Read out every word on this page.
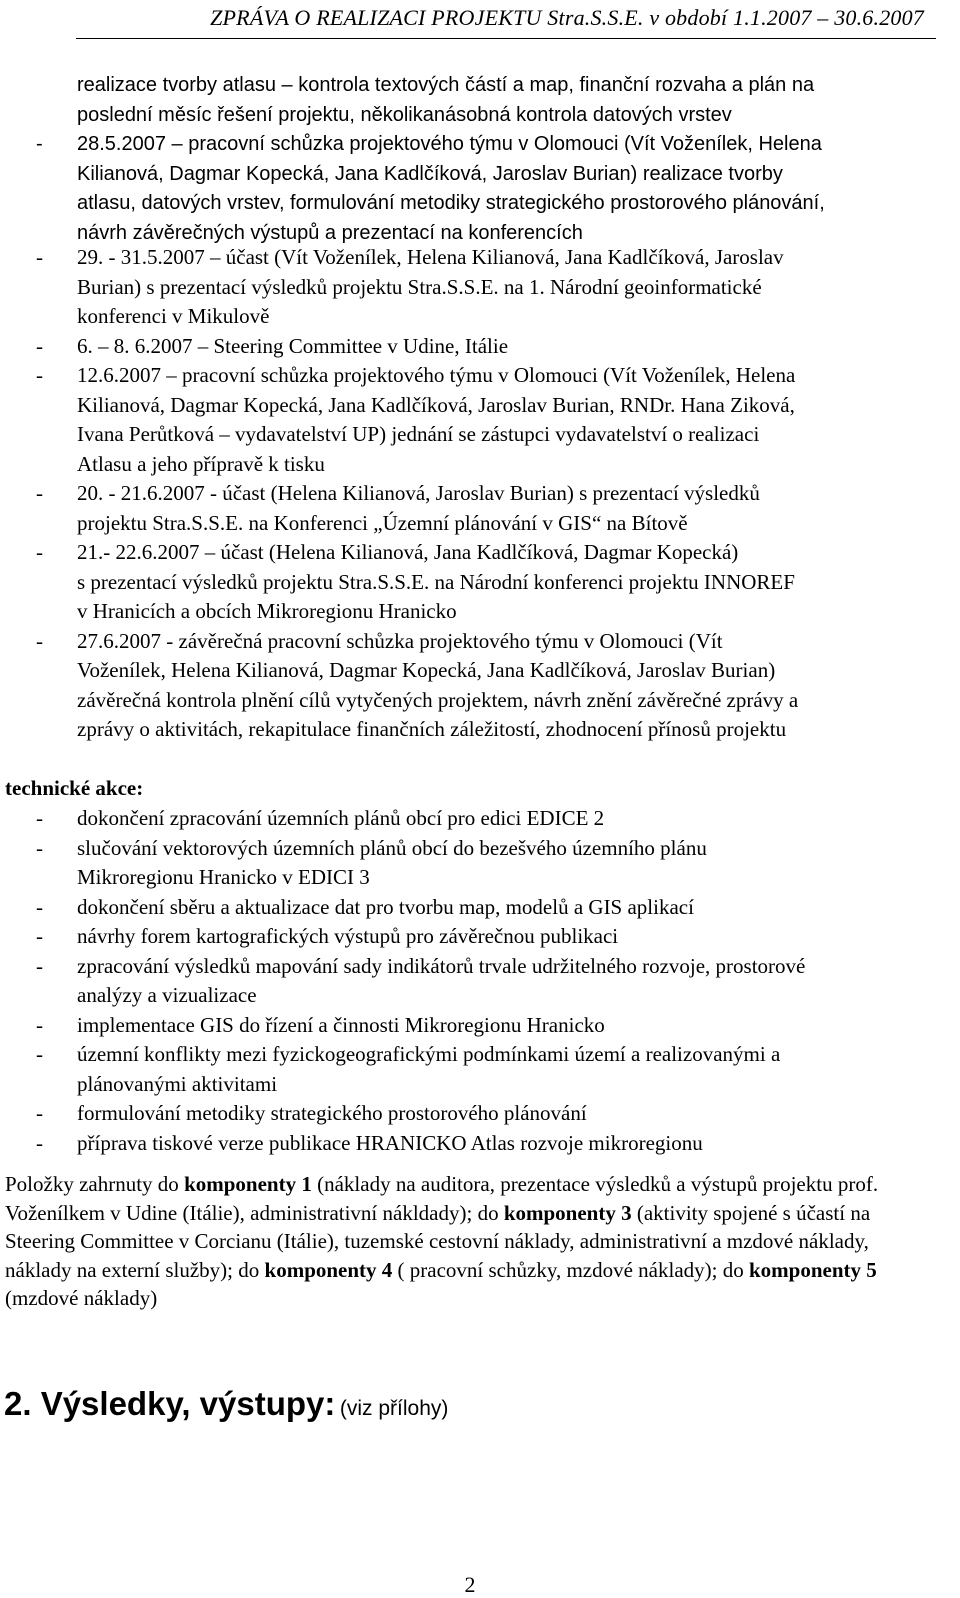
ZPRÁVA O REALIZACI PROJEKTU Stra.S.S.E. v období 1.1.2007 – 30.6.2007
realizace tvorby atlasu – kontrola textových částí a map, finanční rozvaha a plán na
poslední měsíc řešení projektu, několikanásobná kontrola datových vrstev
- 28.5.2007 – pracovní schůzka projektového týmu v Olomouci (Vít Voženílek, Helena
Kilianová, Dagmar Kopecká, Jana Kadlčíková, Jaroslav Burian) realizace tvorby
atlasu, datových vrstev, formulování metodiky strategického prostorového plánování,
návrh závěrečných výstupů a prezentací na konferencích
- 29. - 31.5.2007 – účast (Vít Voženílek, Helena Kilianová, Jana Kadlčíková, Jaroslav
Burian) s prezentací výsledků projektu Stra.S.S.E. na 1. Národní geoinformatické
konferenci v Mikulově
- 6. – 8. 6.2007 – Steering Committee v Udine, Itálie
- 12.6.2007 – pracovní schůzka projektového týmu v Olomouci (Vít Voženílek, Helena
Kilianová, Dagmar Kopecká, Jana Kadlčíková, Jaroslav Burian, RNDr. Hana Ziková,
Ivana Perůtková – vydavatelství UP) jednání se zástupci vydavatelství o realizaci
Atlasu a jeho přípravě k tisku
- 20. - 21.6.2007 - účast (Helena Kilianová, Jaroslav Burian) s prezentací výsledků
projektu Stra.S.S.E. na Konferenci „Územní plánování v GIS“ na Bítově
- 21.- 22.6.2007 – účast (Helena Kilianová, Jana Kadlčíková, Dagmar Kopecká)
s prezentací výsledků projektu Stra.S.S.E. na Národní konferenci projektu INNOREF
v Hranicích a obcích Mikroregionu Hranicko
- 27.6.2007 - závěrečná pracovní schůzka projektového týmu v Olomouci (Vít
Voženílek, Helena Kilianová, Dagmar Kopecká, Jana Kadlčíková, Jaroslav Burian)
závěrečná kontrola plnění cílů vytyčených projektem, návrh znění závěrečné zprávy a
zprávy o aktivitách, rekapitulace finančních záležitostí, zhodnocení přínosů projektu
technické akce:
- dokončení zpracování územních plánů obcí pro edici EDICE 2
- slučování vektorových územních plánů obcí do bezešvého územního plánu
Mikroregionu Hranicko v EDICI 3
- dokončení sběru a aktualizace dat pro tvorbu map, modelů a GIS aplikací
- návrhy forem kartografických výstupů pro závěrečnou publikaci
- zpracování výsledků mapování sady indikátorů trvale udržitelného rozvoje, prostorové
analýzy a vizualizace
- implementace GIS do řízení a činnosti Mikroregionu Hranicko
- územní konflikty mezi fyzickogeografickými podmínkami území a realizovanými a
plánovanými aktivitami
- formulování metodiky strategického prostorového plánování
- příprava tiskové verze publikace HRANICKO Atlas rozvoje mikroregionu
Položky zahrnuty do komponenty 1 (náklady na auditora, prezentace výsledků a výstupů projektu prof. Voženílkem v Udine (Itálie), administrativní nákldady); do komponenty 3 (aktivity spojené s účastí na Steering Committee v Corcianu (Itálie), tuzemské cestovní náklady, administrativní a mzdové náklady, náklady na externí služby); do komponenty 4 ( pracovní schůzky, mzdové náklady); do komponenty 5 (mzdové náklady)
2. Výsledky, výstupy: (viz přílohy)
2
